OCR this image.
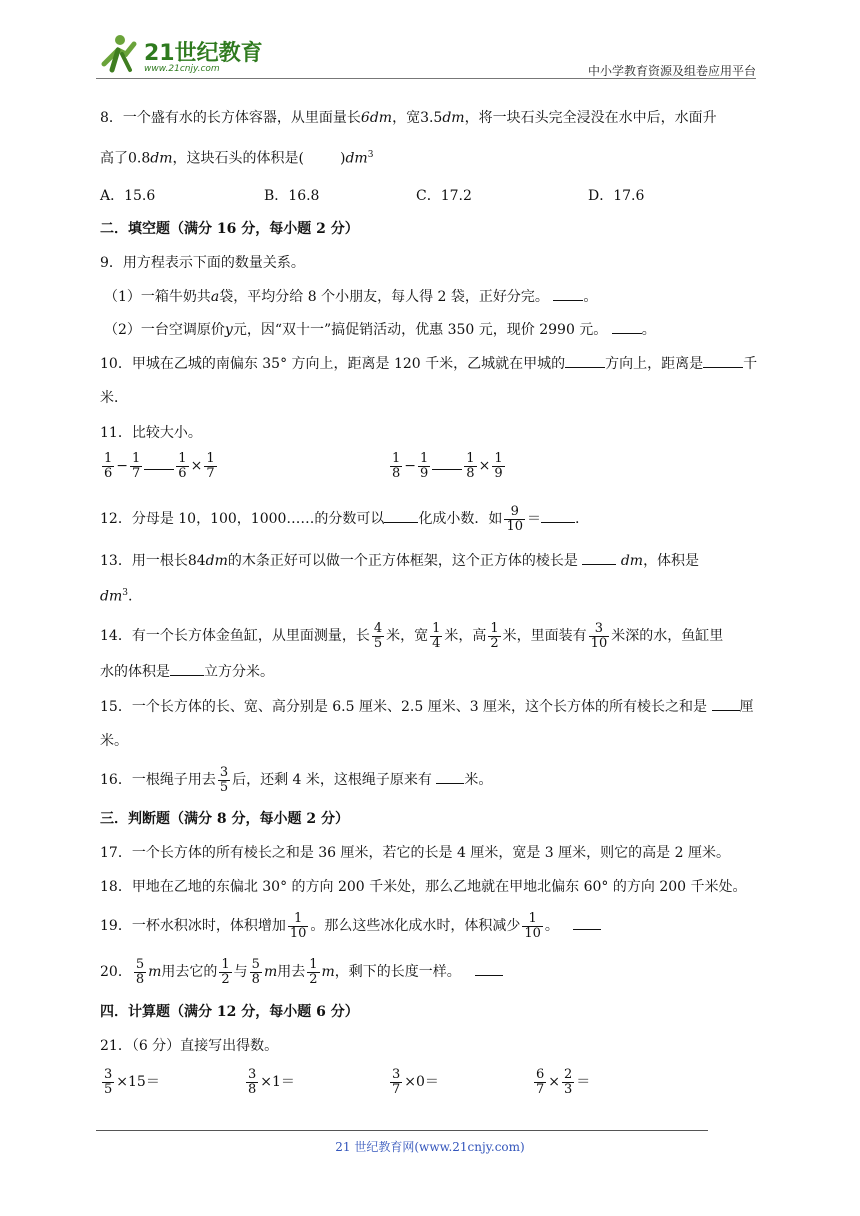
21世纪教育
www.21cnjy.com	中小学教育资源及组卷应用平台
8．一个盛有水的长方体容器，从里面量长6dm，宽3.5dm，将一块石头完全浸没在水中后，水面升
高了0.8dm，这块石头的体积是(	)$dm^3$
A．15.6	B．16.8	C．17.2	D．17.6
二．填空题（满分 16 分，每小题 2 分）
9．用方程表示下面的数量关系。
（1）一箱牛奶共a袋，平均分给 8 个小朋友，每人得 2 袋，正好分完。 。
（2）一台空调原价y元，因“双十一”搞促销活动，优惠 350 元，现价 2990 元。 。
10．甲城在乙城的南偏东 35° 方向上，距离是 120 千米，乙城就在甲城的	方向上，距离是	千
米．
11．比较大小。
$\frac{1}{6} - \frac{1}{7}$	$\frac{1}{6} \times \frac{1}{7}$	$\frac{1}{8} - \frac{1}{9}$	$\frac{1}{8} \times \frac{1}{9}$
12．分母是 10，100，1000……的分数可以 化成小数．如 $\frac{9}{10}$ ＝ .
13．用一根长84dm的木条正好可以做一个正方体框架，这个正方体的棱长是	dm，体积是
$dm^3$.
14．有一个长方体金鱼缸，从里面测量，长 $\frac{4}{5}$ 米，宽 $\frac{1}{4}$ 米，高 $\frac{1}{2}$ 米，里面装有 $\frac{3}{10}$ 米深的水，鱼缸里
水的体积是 立方分米。
15．一个长方体的长、宽、高分别是 6.5 厘米、2.5 厘米、3 厘米，这个长方体的所有棱长之和是 厘
米。
16．一根绳子用去 $\frac{3}{5}$ 后，还剩 4 米，这根绳子原来有 米。
三．判断题（满分 8 分，每小题 2 分）
17．一个长方体的所有棱长之和是 36 厘米，若它的长是 4 厘米，宽是 3 厘米，则它的高是 2 厘米。
18．甲地在乙地的东偏北 30° 的方向 200 千米处，那么乙地就在甲地北偏东 60° 的方向 200 千米处。
19．一杯水积冰时，体积增加 $\frac{1}{10}$ 。那么这些冰化成水时，体积减少 $\frac{1}{10}$ 。
20． $\frac{5}{8}$ m用去它的 $\frac{1}{2}$ 与 $\frac{5}{8}$ m用去 $\frac{1}{2}$ m，剩下的长度一样。
四．计算题（满分 12 分，每小题 6 分）
21．（6 分）直接写出得数。
$\frac{3}{5} \times 15=$	$\frac{3}{8} \times 1=$	$\frac{3}{7} \times 0=$	$\frac{6}{7} \times \frac{2}{3}$ ＝
21 世纪教育网(www.21cnjy.com)
